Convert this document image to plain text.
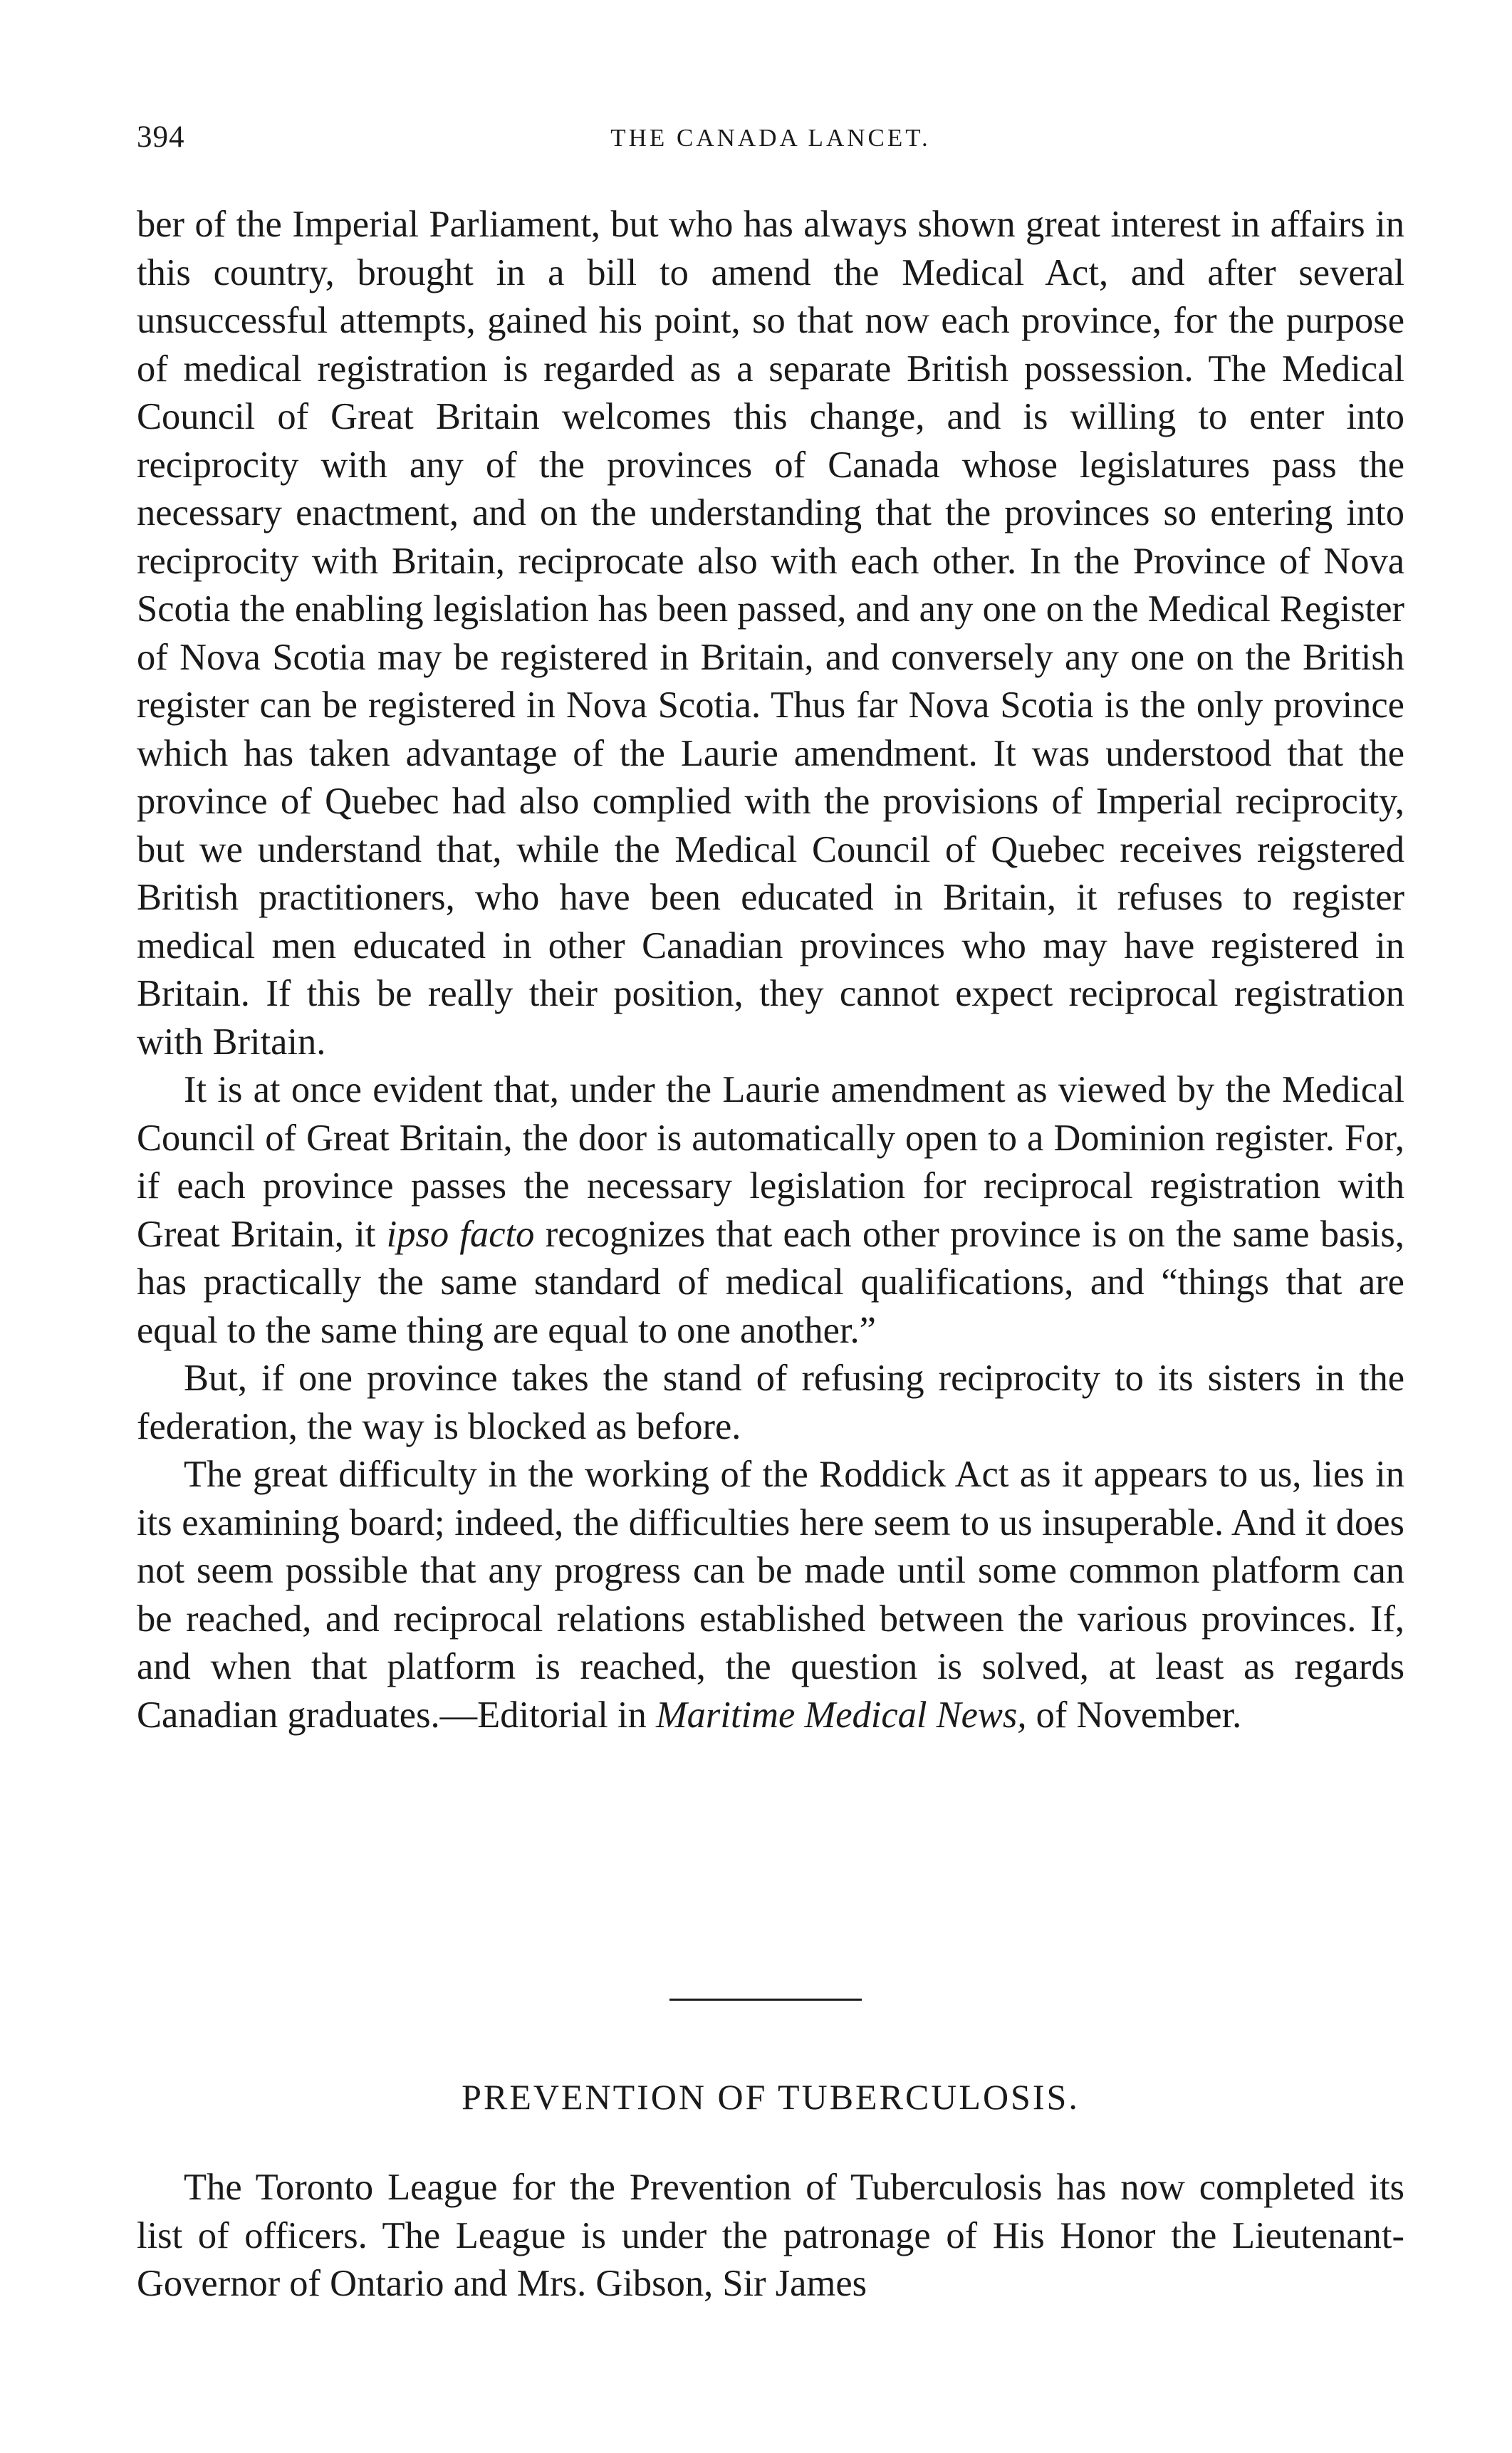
394	THE CANADA LANCET.

ber of the Imperial Parliament, but who has always shown great interest in affairs in this country, brought in a bill to amend the Medical Act, and after several unsuccessful attempts, gained his point, so that now each province, for the purpose of medical registration is regarded as a separate British possession. The Medical Council of Great Britain welcomes this change, and is willing to enter into reciprocity with any of the provinces of Canada whose legislatures pass the necessary enactment, and on the understanding that the provinces so entering into reciprocity with Britain, reciprocate also with each other. In the Province of Nova Scotia the enabling legislation has been passed, and any one on the Medical Register of Nova Scotia may be registered in Britain, and conversely any one on the British register can be registered in Nova Scotia. Thus far Nova Scotia is the only province which has taken advantage of the Laurie amendment. It was understood that the province of Quebec had also complied with the provisions of Imperial reciprocity, but we understand that, while the Medical Council of Quebec receives reigstered British practitioners, who have been educated in Britain, it refuses to register medical men educated in other Canadian provinces who may have registered in Britain. If this be really their position, they cannot expect reciprocal registration with Britain.

It is at once evident that, under the Laurie amendment as viewed by the Medical Council of Great Britain, the door is automatically open to a Dominion register. For, if each province passes the necessary legislation for reciprocal registration with Great Britain, it ipso facto recognizes that each other province is on the same basis, has practically the same standard of medical qualifications, and “things that are equal to the same thing are equal to one another.”

But, if one province takes the stand of refusing reciprocity to its sisters in the federation, the way is blocked as before.

The great difficulty in the working of the Roddick Act as it appears to us, lies in its examining board; indeed, the difficulties here seem to us insuperable. And it does not seem possible that any progress can be made until some common platform can be reached, and reciprocal relations established between the various provinces. If, and when that platform is reached, the question is solved, at least as regards Canadian graduates.—Editorial in Maritime Medical News, of November.

PREVENTION OF TUBERCULOSIS.

The Toronto League for the Prevention of Tuberculosis has now completed its list of officers. The League is under the patronage of His Honor the Lieutenant-Governor of Ontario and Mrs. Gibson, Sir James
